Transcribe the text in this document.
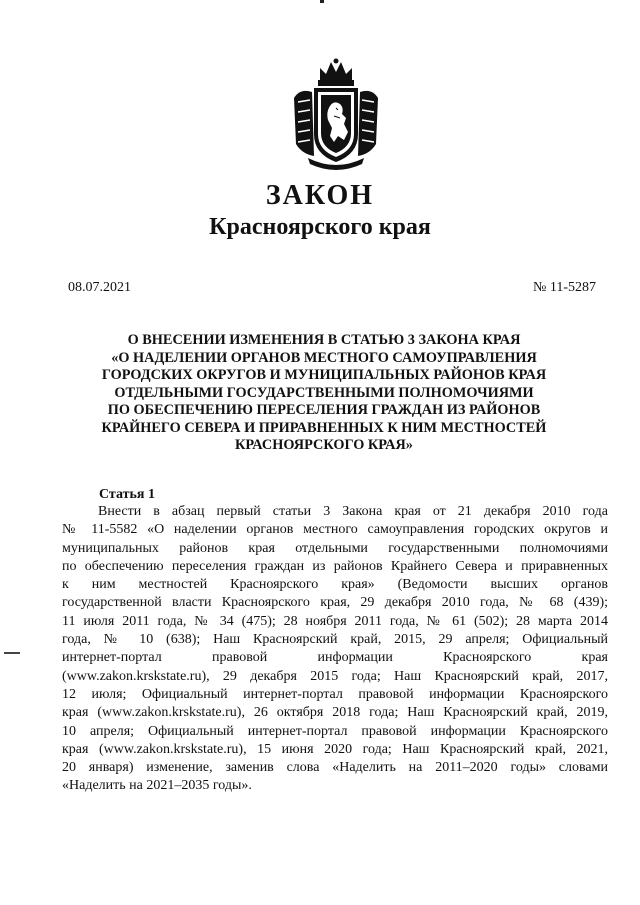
ЗАКОН
Красноярского края
08.07.2021	№ 11-5287
О ВНЕСЕНИИ ИЗМЕНЕНИЯ В СТАТЬЮ 3 ЗАКОНА КРАЯ
«О НАДЕЛЕНИИ ОРГАНОВ МЕСТНОГО САМОУПРАВЛЕНИЯ
ГОРОДСКИХ ОКРУГОВ И МУНИЦИПАЛЬНЫХ РАЙОНОВ КРАЯ
ОТДЕЛЬНЫМИ ГОСУДАРСТВЕННЫМИ ПОЛНОМОЧИЯМИ
ПО ОБЕСПЕЧЕНИЮ ПЕРЕСЕЛЕНИЯ ГРАЖДАН ИЗ РАЙОНОВ
КРАЙНЕГО СЕВЕРА И ПРИРАВНЕННЫХ К НИМ МЕСТНОСТЕЙ
КРАСНОЯРСКОГО КРАЯ»
Статья 1
Внести в абзац первый статьи 3 Закона края от 21 декабря 2010 года
№ 11-5582 «О наделении органов местного самоуправления городских округов и
муниципальных районов края отдельными государственными полномочиями
по обеспечению переселения граждан из районов Крайнего Севера и приравненных
к ним местностей Красноярского края» (Ведомости высших органов
государственной власти Красноярского края, 29 декабря 2010 года, № 68 (439);
11 июля 2011 года, № 34 (475); 28 ноября 2011 года, № 61 (502); 28 марта 2014
года, № 10 (638); Наш Красноярский край, 2015, 29 апреля; Официальный
интернет-портал правовой информации Красноярского края
(www.zakon.krskstate.ru), 29 декабря 2015 года; Наш Красноярский край, 2017,
12 июля; Официальный интернет-портал правовой информации Красноярского
края (www.zakon.krskstate.ru), 26 октября 2018 года; Наш Красноярский край, 2019,
10 апреля; Официальный интернет-портал правовой информации Красноярского
края (www.zakon.krskstate.ru), 15 июня 2020 года; Наш Красноярский край, 2021,
20 января) изменение, заменив слова «Наделить на 2011–2020 годы» словами
«Наделить на 2021–2035 годы».
